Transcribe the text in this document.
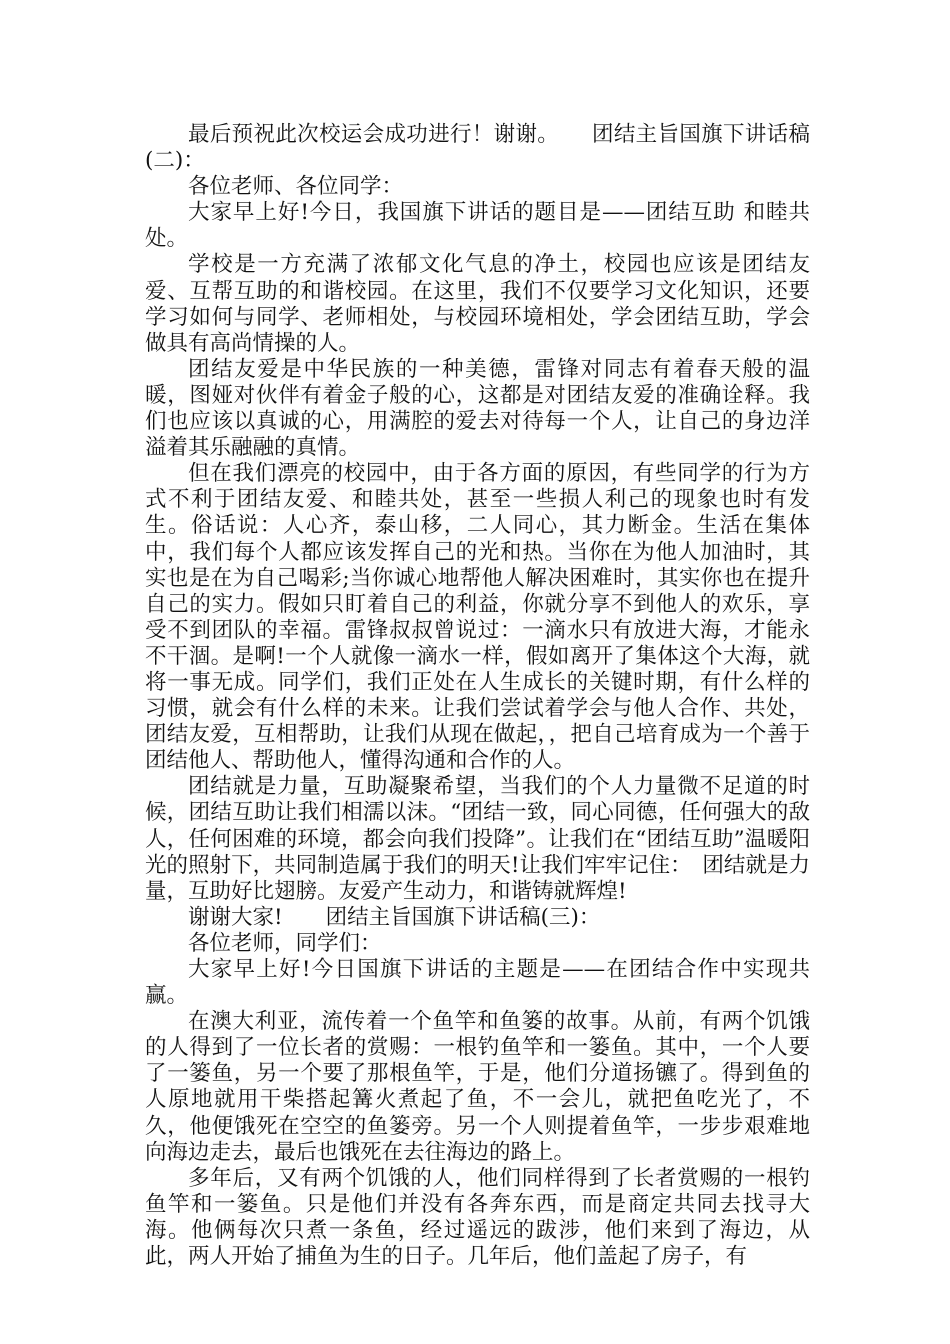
最后预祝此次校运会成功进行！谢谢。　　团结主旨国旗下讲话稿(二)：

各位老师、各位同学：

大家早上好!今日，我国旗下讲话的题目是——团结互助 和睦共处。

学校是一方充满了浓郁文化气息的净土，校园也应该是团结友爱、互帮互助的和谐校园。在这里，我们不仅要学习文化知识，还要学习如何与同学、老师相处，与校园环境相处，学会团结互助，学会做具有高尚情操的人。

团结友爱是中华民族的一种美德，雷锋对同志有着春天般的温暖，图娅对伙伴有着金子般的心，这都是对团结友爱的准确诠释。我们也应该以真诚的心，用满腔的爱去对待每一个人，让自己的身边洋溢着其乐融融的真情。

但在我们漂亮的校园中，由于各方面的原因，有些同学的行为方式不利于团结友爱、和睦共处，甚至一些损人利己的现象也时有发生。俗话说：人心齐，泰山移，二人同心，其力断金。生活在集体中，我们每个人都应该发挥自己的光和热。当你在为他人加油时，其实也是在为自己喝彩;当你诚心地帮他人解决困难时，其实你也在提升自己的实力。假如只盯着自己的利益，你就分享不到他人的欢乐，享受不到团队的幸福。雷锋叔叔曾说过：一滴水只有放进大海，才能永不干涸。是啊!一个人就像一滴水一样，假如离开了集体这个大海，就将一事无成。同学们，我们正处在人生成长的关键时期，有什么样的习惯，就会有什么样的未来。让我们尝试着学会与他人合作、共处，团结友爱，互相帮助，让我们从现在做起，，把自己培育成为一个善于团结他人、帮助他人，懂得沟通和合作的人。

团结就是力量，互助凝聚希望，当我们的个人力量微不足道的时候，团结互助让我们相濡以沫。“团结一致，同心同德，任何强大的敌人，任何困难的环境，都会向我们投降”。让我们在“团结互助”温暖阳光的照射下，共同制造属于我们的明天!让我们牢牢记住：　团结就是力量，互助好比翅膀。友爱产生动力，和谐铸就辉煌!

谢谢大家!　　团结主旨国旗下讲话稿(三)：

各位老师，同学们：

大家早上好!今日国旗下讲话的主题是——在团结合作中实现共赢。

在澳大利亚，流传着一个鱼竿和鱼篓的故事。从前，有两个饥饿的人得到了一位长者的赏赐：一根钓鱼竿和一篓鱼。其中，一个人要了一篓鱼，另一个要了那根鱼竿，于是，他们分道扬镳了。得到鱼的人原地就用干柴搭起篝火煮起了鱼，不一会儿，就把鱼吃光了，不久，他便饿死在空空的鱼篓旁。另一个人则提着鱼竿，一步步艰难地向海边走去，最后也饿死在去往海边的路上。

多年后，又有两个饥饿的人，他们同样得到了长者赏赐的一根钓鱼竿和一篓鱼。只是他们并没有各奔东西，而是商定共同去找寻大海。他俩每次只煮一条鱼，经过遥远的跋涉，他们来到了海边，从此，两人开始了捕鱼为生的日子。几年后，他们盖起了房子，有
